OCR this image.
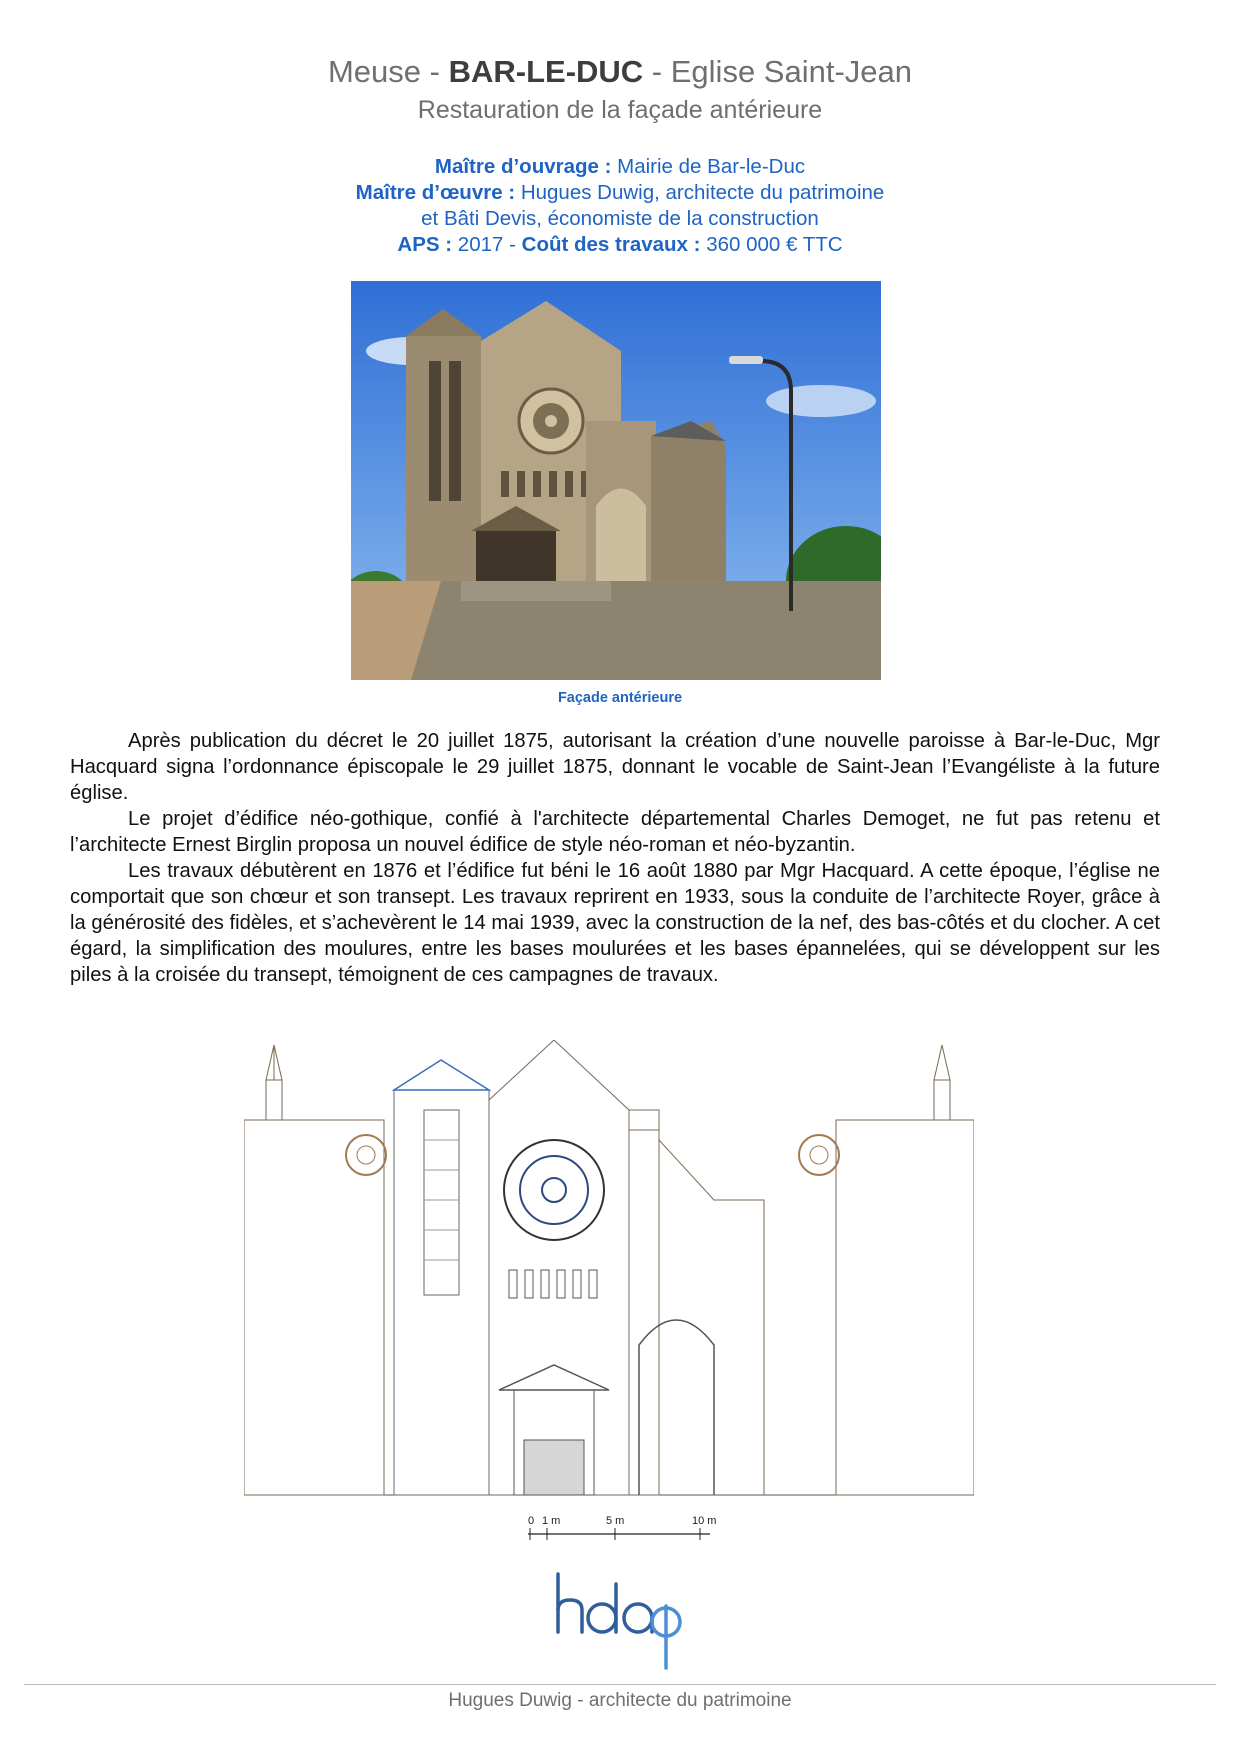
Meuse - BAR-LE-DUC - Eglise Saint-Jean
Restauration de la façade antérieure
Maître d’ouvrage : Mairie de Bar-le-Duc
Maître d’œuvre : Hugues Duwig, architecte du patrimoine
et Bâti Devis, économiste de la construction
APS : 2017 - Coût des travaux : 360 000 € TTC
Façade antérieure

Après publication du décret le 20 juillet 1875, autorisant la création d’une nouvelle paroisse à Bar-le-Duc, Mgr Hacquard signa l’ordonnance épiscopale le 29 juillet 1875, donnant le vocable de Saint-Jean l’Evangéliste à la future église.

Le projet d’édifice néo-gothique, confié à l'architecte départemental Charles Demoget, ne fut pas retenu et l’architecte Ernest Birglin proposa un nouvel édifice de style néo-roman et néo-byzantin.

Les travaux débutèrent en 1876 et l’édifice fut béni le 16 août 1880 par Mgr Hacquard. A cette époque, l’église ne comportait que son chœur et son transept. Les travaux reprirent en 1933, sous la conduite de l’architecte Royer, grâce à la générosité des fidèles, et s’achevèrent le 14 mai 1939, avec la construction de la nef, des bas-côtés et du clocher. A cet égard, la simplification des moulures, entre les bases moulurées et les bases épannelées, qui se développent sur les piles à la croisée du transept, témoignent de ces campagnes de travaux.

0 1 m	5 m	10 m
Hugues Duwig - architecte du patrimoine
